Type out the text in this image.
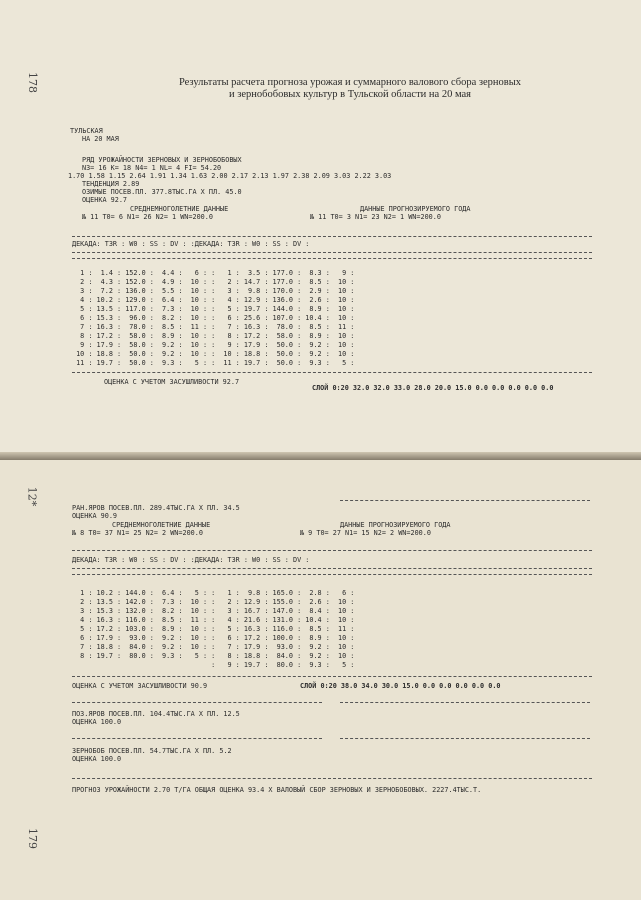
178	Результаты расчета прогноза урожая и суммарного валового сбора зерновых
и зернобобовых культур в Тульской области на 20 мая
ТУЛЬСКАЯ
НА 20 МАЯ
РЯД УРОЖАЙНОСТИ ЗЕРНОВЫХ И ЗЕРНОБОБОВЫХ
N3= 16 K= 18 N4= 1 NL= 4 FI= 54.20
1.70 1.58 1.15 2.64 1.91 1.34 1.63 2.00 2.17 2.13 1.97 2.38 2.09 3.03 2.22 3.03
ТЕНДЕНЦИЯ 2.89
ОЗИМЫЕ ПОСЕВ.ПЛ. 377.8ТЫС.ГА X ПЛ. 45.0
ОЦЕНКА 92.7
СРЕДНЕМНОГОЛЕТНИЕ ДАННЫЕ
№ 11 T0= 6 N1= 26 N2= 1 WN=200.0
ДАННЫЕ ПРОГНОЗИРУЕМОГО ГОДА
№ 11 T0= 3 N1= 23 N2= 1 WN=200.0
ДЕКАДА: T3R : W0 : SS : DV : :ДЕКАДА: T3R : W0 : SS : DV :
1 :  1.4 : 152.0 :  4.4 :   6 : :   1 :  3.5 : 177.0 :  8.3 :   9 :
2 :  4.3 : 152.0 :  4.9 :  10 : :   2 : 14.7 : 177.0 :  8.5 :  10 :
3 :  7.2 : 136.0 :  5.5 :  10 : :   3 :  9.8 : 170.0 :  2.9 :  10 :
4 : 10.2 : 129.0 :  6.4 :  10 : :   4 : 12.9 : 136.0 :  2.6 :  10 :
5 : 13.5 : 117.0 :  7.3 :  10 : :   5 : 19.7 : 144.0 :  8.9 :  10 :
6 : 15.3 :  96.0 :  8.2 :  10 : :   6 : 25.6 : 107.0 : 10.4 :  10 :
7 : 16.3 :  78.0 :  8.5 :  11 : :   7 : 16.3 :  78.0 :  8.5 :  11 :
8 : 17.2 :  58.0 :  8.9 :  10 : :   8 : 17.2 :  58.0 :  8.9 :  10 :
9 : 17.9 :  58.0 :  9.2 :  10 : :   9 : 17.9 :  50.0 :  9.2 :  10 :
10 : 18.8 :  50.0 :  9.2 :  10 : :  10 : 18.8 :  50.0 :  9.2 :  10 :
11 : 19.7 :  50.0 :  9.3 :   5 : :  11 : 19.7 :  50.0 :  9.3 :   5 :
ОЦЕНКА С УЧЕТОМ ЗАСУШЛИВОСТИ 92.7
СЛОЙ 0:20 32.0 32.0 33.0 28.0 20.0 15.0 0.0 0.0 0.0 0.0 0.0
12*
179
РАН.ЯРОВ ПОСЕВ.ПЛ. 289.4ТЫС.ГА X ПЛ. 34.5
ОЦЕНКА 90.9
СРЕДНЕМНОГОЛЕТНИЕ ДАННЫЕ
№ 8 T0= 37 N1= 25 N2= 2 WN=200.0
ДАННЫЕ ПРОГНОЗИРУЕМОГО ГОДА
№ 9 T0= 27 N1= 15 N2= 2 WN=200.0
ДЕКАДА: T3R : W0 : SS : DV : :ДЕКАДА: T3R : W0 : SS : DV :
1 : 10.2 : 144.0 :  6.4 :   5 : :   1 :  9.8 : 165.0 :  2.8 :   6 :
2 : 13.5 : 142.0 :  7.3 :  10 : :   2 : 12.9 : 155.0 :  2.6 :  10 :
3 : 15.3 : 132.0 :  8.2 :  10 : :   3 : 16.7 : 147.0 :  8.4 :  10 :
4 : 16.3 : 116.0 :  8.5 :  11 : :   4 : 21.6 : 131.0 : 10.4 :  10 :
5 : 17.2 : 103.0 :  8.9 :  10 : :   5 : 16.3 : 116.0 :  8.5 :  11 :
6 : 17.9 :  93.0 :  9.2 :  10 : :   6 : 17.2 : 100.0 :  8.9 :  10 :
7 : 18.8 :  84.0 :  9.2 :  10 : :   7 : 17.9 :  93.0 :  9.2 :  10 :
8 : 19.7 :  80.0 :  9.3 :   5 : :   8 : 18.8 :  84.0 :  9.2 :  10 :
:   9 : 19.7 :  80.0 :  9.3 :   5 :
ОЦЕНКА С УЧЕТОМ ЗАСУШЛИВОСТИ 90.9	СЛОЙ 0:20 38.0 34.0 30.0 15.0 0.0 0.0 0.0 0.0 0.0
ПОЗ.ЯРОВ ПОСЕВ.ПЛ. 104.4ТЫС.ГА X ПЛ. 12.5
ОЦЕНКА 100.0
ЗЕРНОБОБ ПОСЕВ.ПЛ. 54.7ТЫС.ГА X ПЛ. 5.2
ОЦЕНКА 100.0
ПРОГНОЗ УРОЖАЙНОСТИ 2.70 Т/ГА ОБЩАЯ ОЦЕНКА 93.4 X ВАЛОВЫЙ СБОР ЗЕРНОВЫХ И ЗЕРНОБОБОВЫХ. 2227.4ТЫС.Т.
